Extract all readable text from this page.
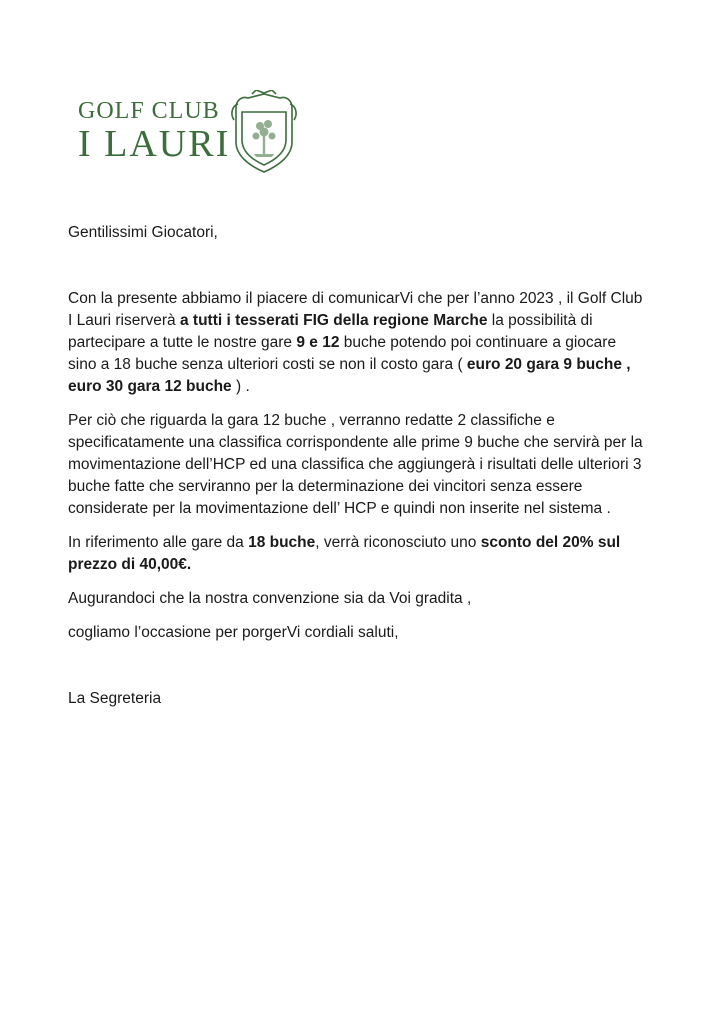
GOLF CLUB
I LAURI

Gentilissimi Giocatori,

Con la presente abbiamo il piacere di comunicarVi che per l’anno 2023 , il Golf Club I Lauri riserverà a tutti i tesserati FIG della regione Marche la possibilità di partecipare a tutte le nostre gare 9 e 12 buche potendo poi continuare a giocare sino a 18 buche senza ulteriori costi se non il costo gara ( euro 20 gara 9 buche , euro 30 gara 12 buche ) .

Per ciò che riguarda la gara 12 buche , verranno redatte 2 classifiche e specificatamente una classifica corrispondente alle prime 9 buche che servirà per la movimentazione dell’HCP ed una classifica che aggiungerà i risultati delle ulteriori 3 buche fatte che serviranno per la determinazione dei vincitori senza essere considerate per la movimentazione dell’ HCP e quindi non inserite nel sistema .

In riferimento alle gare da 18 buche, verrà riconosciuto uno sconto del 20% sul prezzo di 40,00€.

Augurandoci che la nostra convenzione sia da Voi gradita ,

cogliamo l’occasione per porgerVi cordiali saluti,

La Segreteria
